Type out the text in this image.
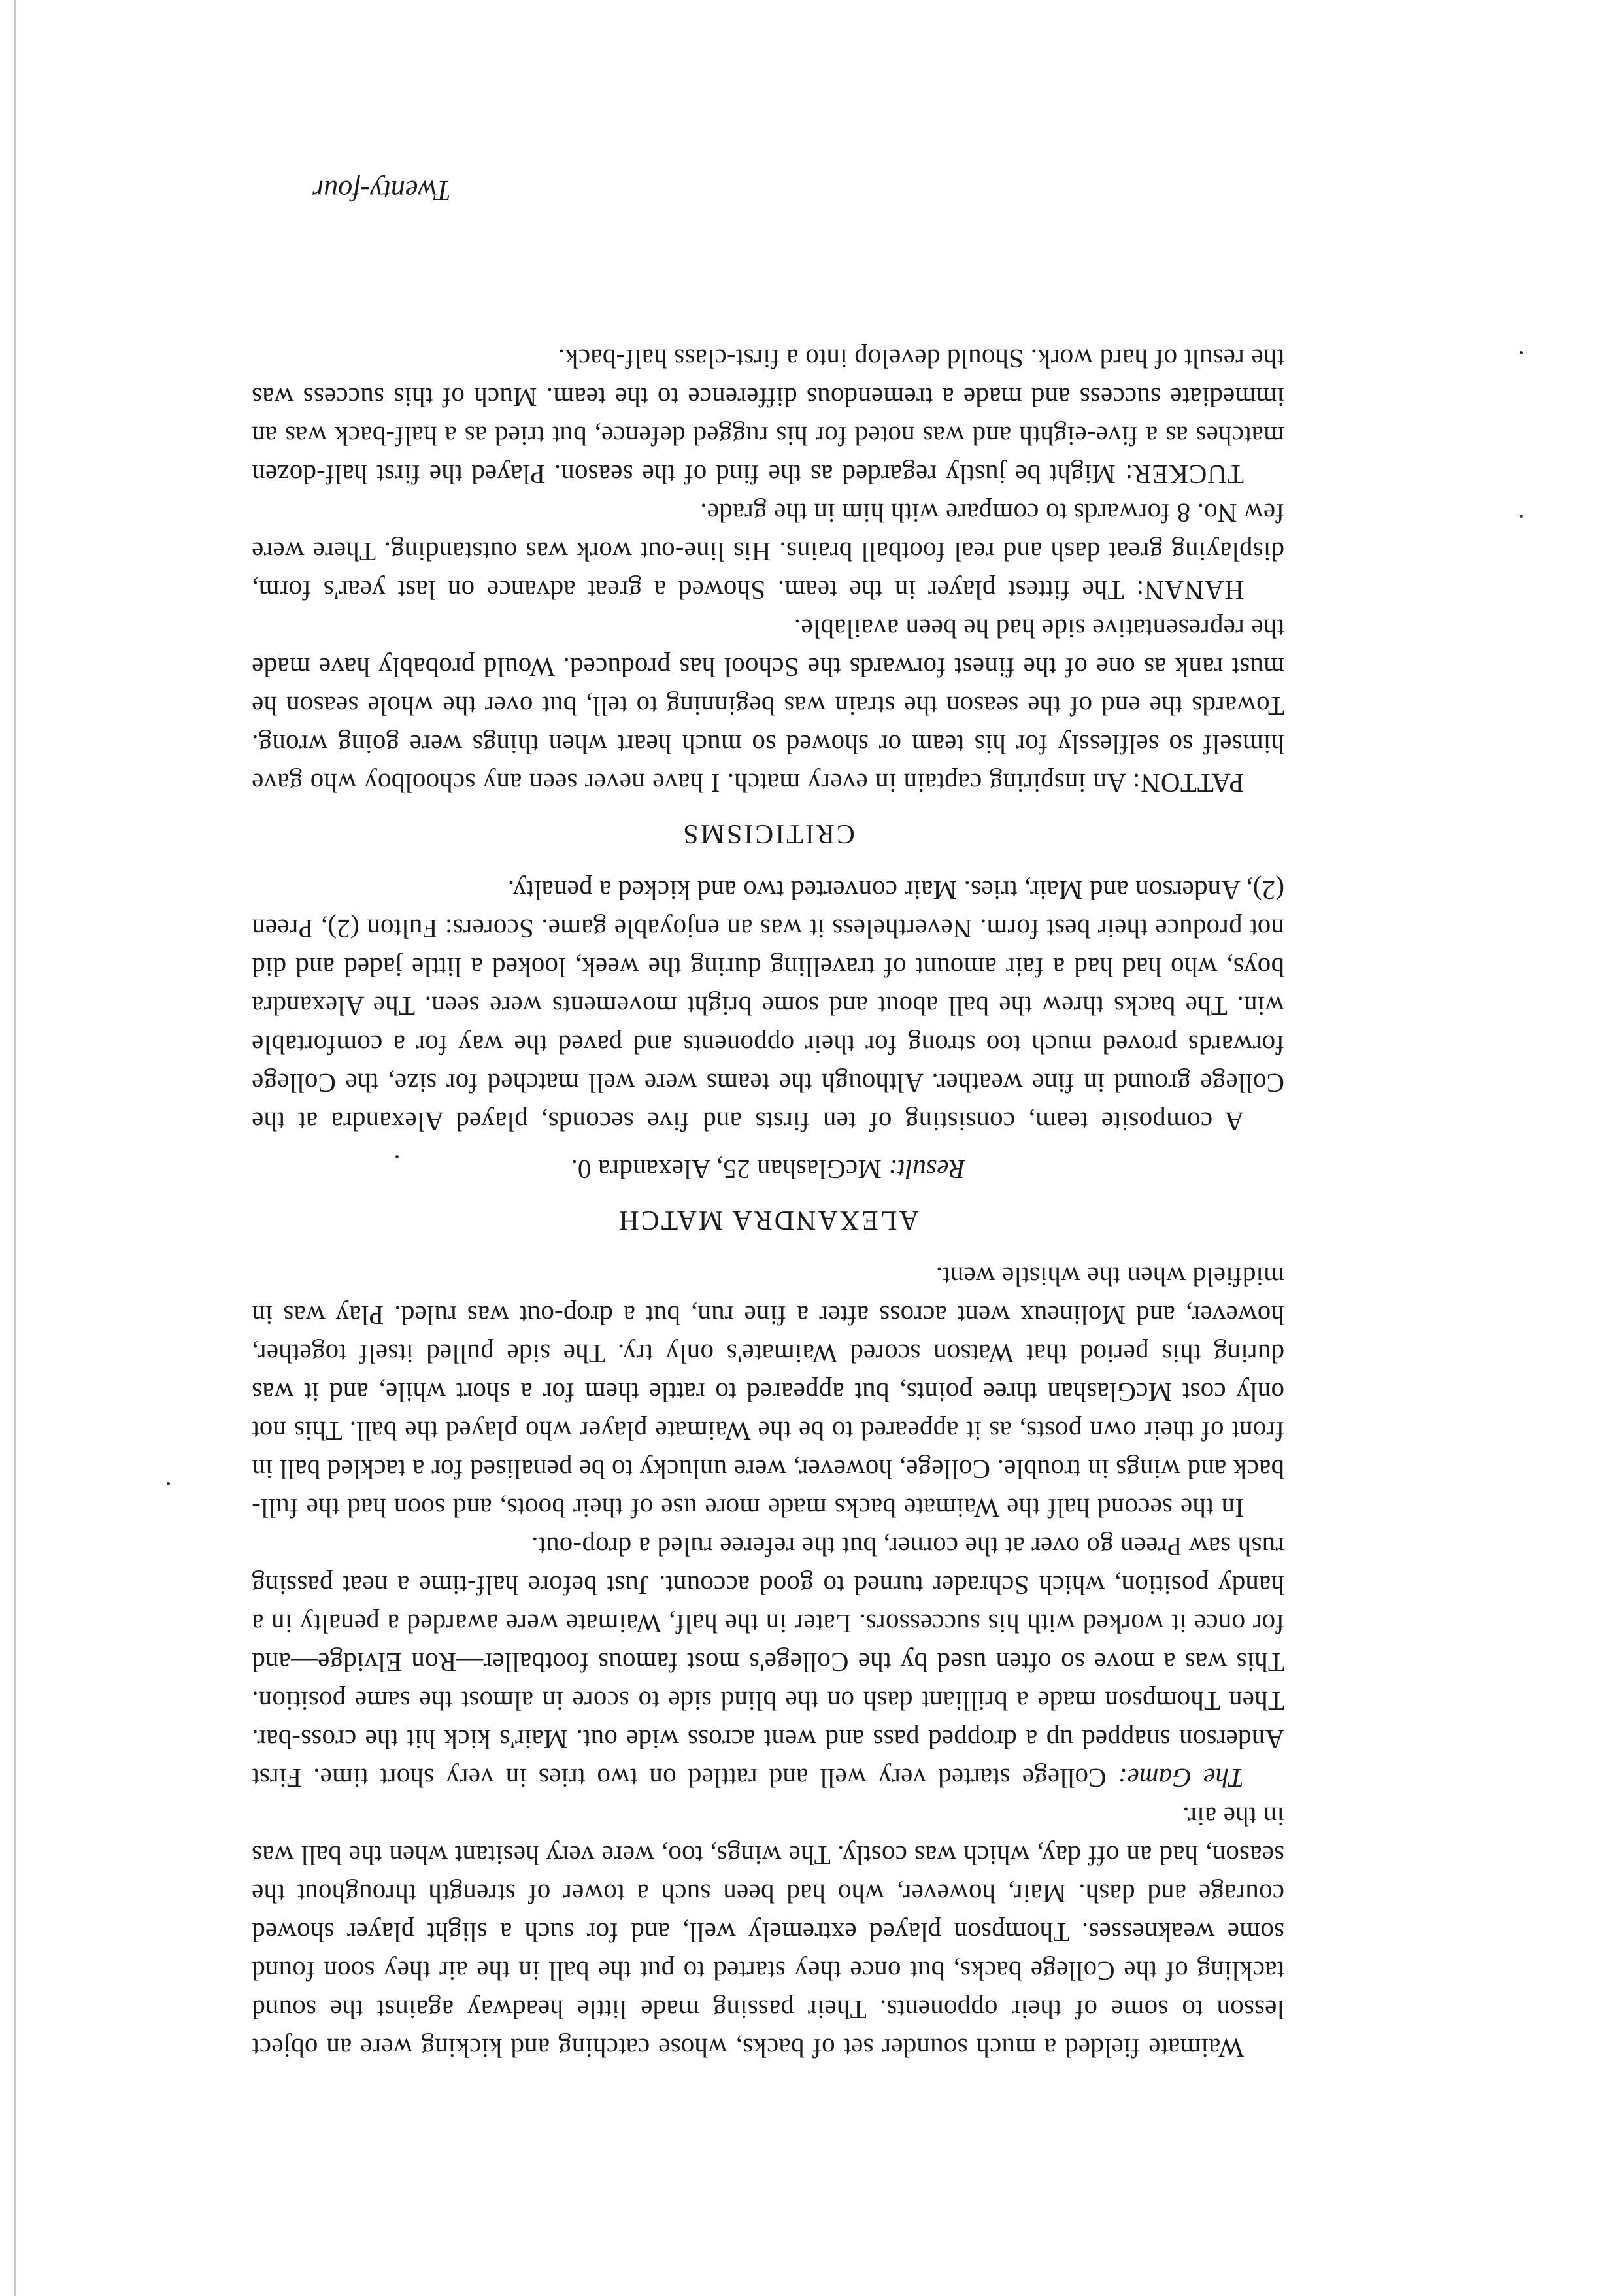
Waimate fielded a much sounder set of backs, whose catching and kicking were an object lesson to some of their opponents. Their passing made little headway against the sound tackling of the College backs, but once they started to put the ball in the air they soon found some weaknesses. Thompson played extremely well, and for such a slight player showed courage and dash. Mair, however, who had been such a tower of strength throughout the season, had an off day, which was costly. The wings, too, were very hesitant when the ball was in the air.

The Game: College started very well and rattled on two tries in very short time. First Anderson snapped up a dropped pass and went across wide out. Mair's kick hit the cross-bar. Then Thompson made a brilliant dash on the blind side to score in almost the same position. This was a move so often used by the College's most famous footballer—Ron Elvidge—and for once it worked with his successors. Later in the half, Waimate were awarded a penalty in a handy position, which Schrader turned to good account. Just before half-time a neat passing rush saw Preen go over at the corner, but the referee ruled a drop-out.

In the second half the Waimate backs made more use of their boots, and soon had the full-back and wings in trouble. College, however, were unlucky to be penalised for a tackled ball in front of their own posts, as it appeared to be the Waimate player who played the ball. This not only cost McGlashan three points, but appeared to rattle them for a short while, and it was during this period that Watson scored Waimate's only try. The side pulled itself together, however, and Molineux went across after a fine run, but a drop-out was ruled. Play was in midfield when the whistle went.

ALEXANDRA MATCH

Result: McGlashan 25, Alexandra 0.

A composite team, consisting of ten firsts and five seconds, played Alexandra at the College ground in fine weather. Although the teams were well matched for size, the College forwards proved much too strong for their opponents and paved the way for a comfortable win. The backs threw the ball about and some bright movements were seen. The Alexandra boys, who had had a fair amount of travelling during the week, looked a little jaded and did not produce their best form. Nevertheless it was an enjoyable game. Scorers: Fulton (2), Preen (2), Anderson and Mair, tries. Mair converted two and kicked a penalty.

CRITICISMS

PATTON: An inspiring captain in every match. I have never seen any schoolboy who gave himself so selflessly for his team or showed so much heart when things were going wrong. Towards the end of the season the strain was beginning to tell, but over the whole season he must rank as one of the finest forwards the School has produced. Would probably have made the representative side had he been available.

HANAN: The fittest player in the team. Showed a great advance on last year's form, displaying great dash and real football brains. His line-out work was outstanding. There were few No. 8 forwards to compare with him in the grade.

TUCKER: Might be justly regarded as the find of the season. Played the first half-dozen matches as a five-eighth and was noted for his rugged defence, but tried as a half-back was an immediate success and made a tremendous difference to the team. Much of this success was the result of hard work. Should develop into a first-class half-back.

Twenty-four
